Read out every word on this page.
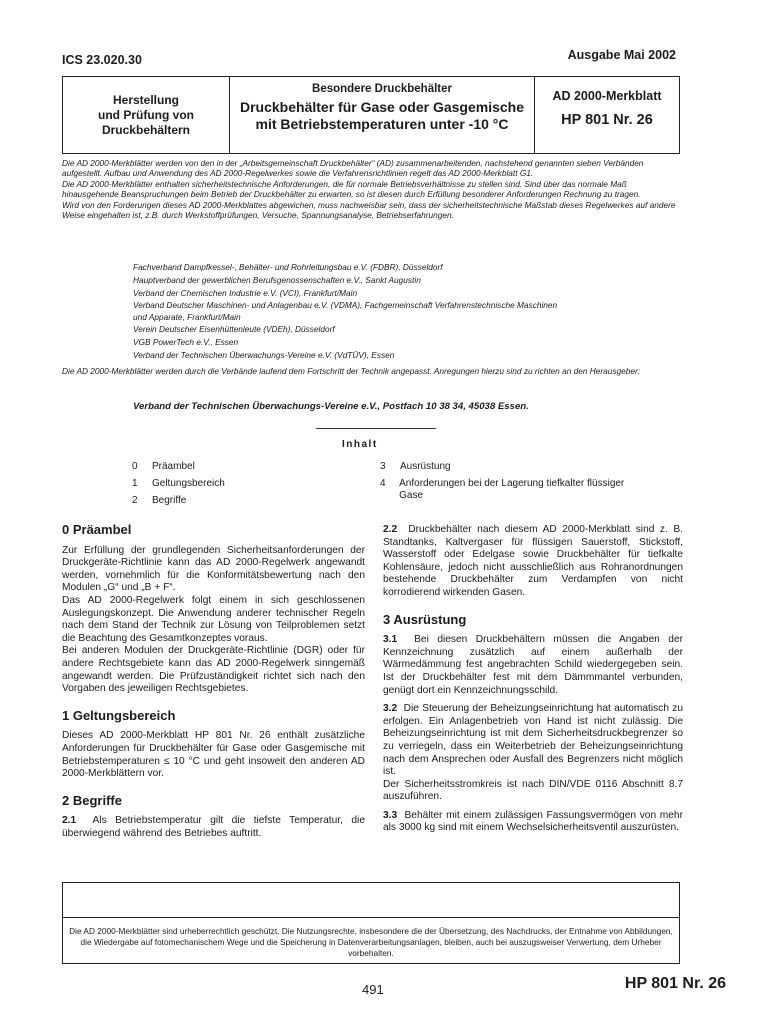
ICS 23.020.30	Ausgabe Mai 2002
Herstellung
und Prüfung von
Druckbehältern
Besondere Druckbehälter
Druckbehälter für Gase oder Gasgemische
mit Betriebstemperaturen unter -10 °C
AD 2000-Merkblatt
HP 801 Nr. 26

Die AD 2000-Merkblätter werden von den in der „Arbeitsgemeinschaft Druckbehälter“ (AD) zusammenarbeitenden, nachstehend genannten sieben Verbänden aufgestellt. Aufbau und Anwendung des AD 2000-Regelwerkes sowie die Verfahrensrichtlinien regelt das AD 2000-Merkblatt G1.

Die AD 2000-Merkblätter enthalten sicherheitstechnische Anforderungen, die für normale Betriebsverhältnisse zu stellen sind. Sind über das normale Maß hinausgehende Beanspruchungen beim Betrieb der Druckbehälter zu erwarten, so ist diesen durch Erfüllung besonderer Anforderungen Rechnung zu tragen.

Wird von den Forderungen dieses AD 2000-Merkblattes abgewichen, muss nachweisbar sein, dass der sicherheitstechnische Maßstab dieses Regelwerkes auf andere Weise eingehalten ist, z.B. durch Werkstoffprüfungen, Versuche, Spannungsanalyse, Betriebserfahrungen.

Fachverband Dampfkessel-, Behälter- und Rohrleitungsbau e.V. (FDBR), Düsseldorf
Hauptverband der gewerblichen Berufsgenossenschaften e.V., Sankt Augustin
Verband der Chemischen Industrie e.V. (VCI), Frankfurt/Main
Verband Deutscher Maschinen- und Anlagenbau e.V. (VDMA), Fachgemeinschaft Verfahrenstechnische Maschinen
und Apparate, Frankfurt/Main
Verein Deutscher Eisenhüttenleute (VDEh), Düsseldorf
VGB PowerTech e.V., Essen
Verband der Technischen Überwachungs-Vereine e.V. (VdTÜV), Essen
Die AD 2000-Merkblätter werden durch die Verbände laufend dem Fortschritt der Technik angepasst. Anregungen hierzu sind zu richten an den Herausgeber:
Verband der Technischen Überwachungs-Vereine e.V., Postfach 10 38 34, 45038 Essen.
Inhalt
0	Präambel
1	Geltungsbereich
2	Begriffe
3	Ausrüstung
4	Anforderungen bei der Lagerung tiefkalter flüssiger Gase
0 Präambel

Zur Erfüllung der grundlegenden Sicherheitsanforderungen der Druckgeräte-Richtlinie kann das AD 2000-Regelwerk angewandt werden, vornehmlich für die Konformitätsbewertung nach den Modulen „G“ und „B + F“.

Das AD 2000-Regelwerk folgt einem in sich geschlossenen Auslegungskonzept. Die Anwendung anderer technischer Regeln nach dem Stand der Technik zur Lösung von Teilproblemen setzt die Beachtung des Gesamtkonzeptes voraus.

Bei anderen Modulen der Druckgeräte-Richtlinie (DGR) oder für andere Rechtsgebiete kann das AD 2000-Regelwerk sinngemäß angewandt werden. Die Prüfzuständigkeit richtet sich nach den Vorgaben des jeweiligen Rechtsgebietes.

1 Geltungsbereich

Dieses AD 2000-Merkblatt HP 801 Nr. 26 enthält zusätzliche Anforderungen für Druckbehälter für Gase oder Gasgemische mit Betriebstemperaturen ≤ 10 °C und geht insoweit den anderen AD 2000-Merkblättern vor.

2 Begriffe

2.1 Als Betriebstemperatur gilt die tiefste Temperatur, die überwiegend während des Betriebes auftritt.

2.2 Druckbehälter nach diesem AD 2000-Merkblatt sind z. B. Standtanks, Kaltvergaser für flüssigen Sauerstoff, Stickstoff, Wasserstoff oder Edelgase sowie Druckbehälter für tiefkalte Kohlensäure, jedoch nicht ausschließlich aus Rohranordnungen bestehende Druckbehälter zum Verdampfen von nicht korrodierend wirkenden Gasen.

3 Ausrüstung

3.1 Bei diesen Druckbehältern müssen die Angaben der Kennzeichnung zusätzlich auf einem außerhalb der Wärmedämmung fest angebrachten Schild wiedergegeben sein. Ist der Druckbehälter fest mit dem Dämmmantel verbunden, genügt dort ein Kennzeichnungsschild.

3.2 Die Steuerung der Beheizungseinrichtung hat automatisch zu erfolgen. Ein Anlagenbetrieb von Hand ist nicht zulässig. Die Beheizungseinrichtung ist mit dem Sicherheitsdruckbegrenzer so zu verriegeln, dass ein Weiterbetrieb der Beheizungseinrichtung nach dem Ansprechen oder Ausfall des Begrenzers nicht möglich ist.

Der Sicherheitsstromkreis ist nach DIN/VDE 0116 Abschnitt 8.7 auszuführen.

3.3 Behälter mit einem zulässigen Fassungsvermögen von mehr als 3000 kg sind mit einem Wechselsicherheitsventil auszurüsten.

Die AD 2000-Merkblätter sind urheberrechtlich geschützt. Die Nutzungsrechte, insbesondere die der Übersetzung, des Nachdrucks, der Entnahme von Abbildungen, die Wiedergabe auf fotomechanischem Wege und die Speicherung in Datenverarbeitungsanlagen, bleiben, auch bei auszugsweiser Verwertung, dem Urheber vorbehalten.
491	HP 801 Nr. 26
